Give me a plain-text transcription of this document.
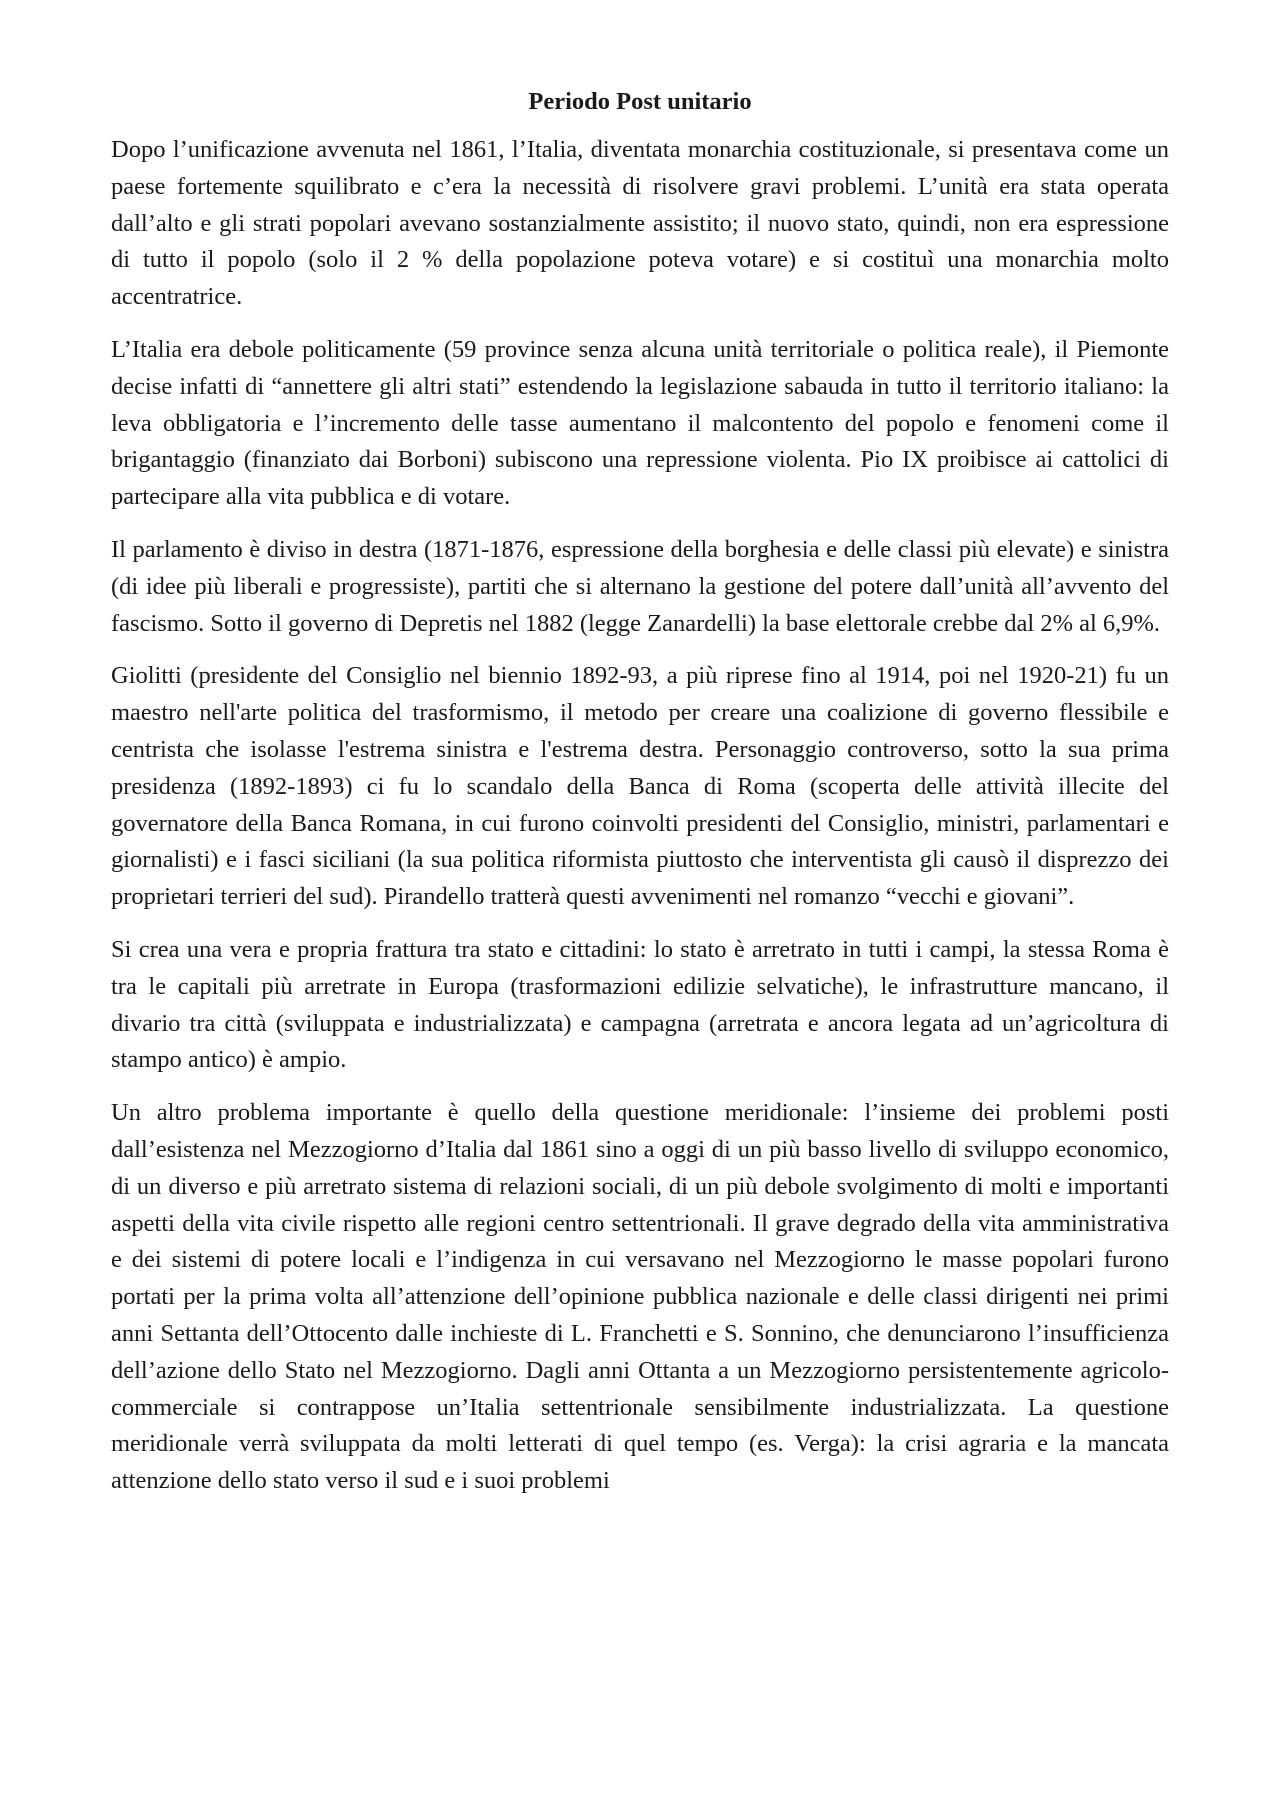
Periodo Post unitario

Dopo l’unificazione avvenuta nel 1861, l’Italia, diventata monarchia costituzionale, si presentava come un paese fortemente squilibrato e c’era la necessità di risolvere gravi problemi. L’unità era stata operata dall’alto e gli strati popolari avevano sostanzialmente assistito; il nuovo stato, quindi, non era espressione di tutto il popolo (solo il 2 % della popolazione poteva votare) e si costituì una monarchia molto accentratrice.

L’Italia era debole politicamente (59 province senza alcuna unità territoriale o politica reale), il Piemonte decise infatti di “annettere gli altri stati” estendendo la legislazione sabauda in tutto il territorio italiano: la leva obbligatoria e l’incremento delle tasse aumentano il malcontento del popolo e fenomeni come il brigantaggio (finanziato dai Borboni) subiscono una repressione violenta. Pio IX proibisce ai cattolici di partecipare alla vita pubblica e di votare.

Il parlamento è diviso in destra (1871-1876, espressione della borghesia e delle classi più elevate) e sinistra (di idee più liberali e progressiste), partiti che si alternano la gestione del potere dall’unità all’avvento del fascismo. Sotto il governo di Depretis nel 1882 (legge Zanardelli) la base elettorale crebbe dal 2% al 6,9%.

Giolitti (presidente del Consiglio nel biennio 1892-93, a più riprese fino al 1914, poi nel 1920-21) fu un maestro nell'arte politica del trasformismo, il metodo per creare una coalizione di governo flessibile e centrista che isolasse l'estrema sinistra e l'estrema destra. Personaggio controverso, sotto la sua prima presidenza (1892-1893) ci fu lo scandalo della Banca di Roma (scoperta delle attività illecite del governatore della Banca Romana, in cui furono coinvolti presidenti del Consiglio, ministri, parlamentari e giornalisti) e i fasci siciliani (la sua politica riformista piuttosto che interventista gli causò il disprezzo dei proprietari terrieri del sud). Pirandello tratterà questi avvenimenti nel romanzo “vecchi e giovani”.

Si crea una vera e propria frattura tra stato e cittadini: lo stato è arretrato in tutti i campi, la stessa Roma è tra le capitali più arretrate in Europa (trasformazioni edilizie selvatiche), le infrastrutture mancano, il divario tra città (sviluppata e industrializzata) e campagna (arretrata e ancora legata ad un’agricoltura di stampo antico) è ampio.

Un altro problema importante è quello della questione meridionale: l’insieme dei problemi posti dall’esistenza nel Mezzogiorno d’Italia dal 1861 sino a oggi di un più basso livello di sviluppo economico, di un diverso e più arretrato sistema di relazioni sociali, di un più debole svolgimento di molti e importanti aspetti della vita civile rispetto alle regioni centro settentrionali. Il grave degrado della vita amministrativa e dei sistemi di potere locali e l’indigenza in cui versavano nel Mezzogiorno le masse popolari furono portati per la prima volta all’attenzione dell’opinione pubblica nazionale e delle classi dirigenti nei primi anni Settanta dell’Ottocento dalle inchieste di L. Franchetti e S. Sonnino, che denunciarono l’insufficienza dell’azione dello Stato nel Mezzogiorno. Dagli anni Ottanta a un Mezzogiorno persistentemente agricolo-commerciale si contrappose un’Italia settentrionale sensibilmente industrializzata. La questione meridionale verrà sviluppata da molti letterati di quel tempo (es. Verga): la crisi agraria e la mancata attenzione dello stato verso il sud e i suoi problemi
